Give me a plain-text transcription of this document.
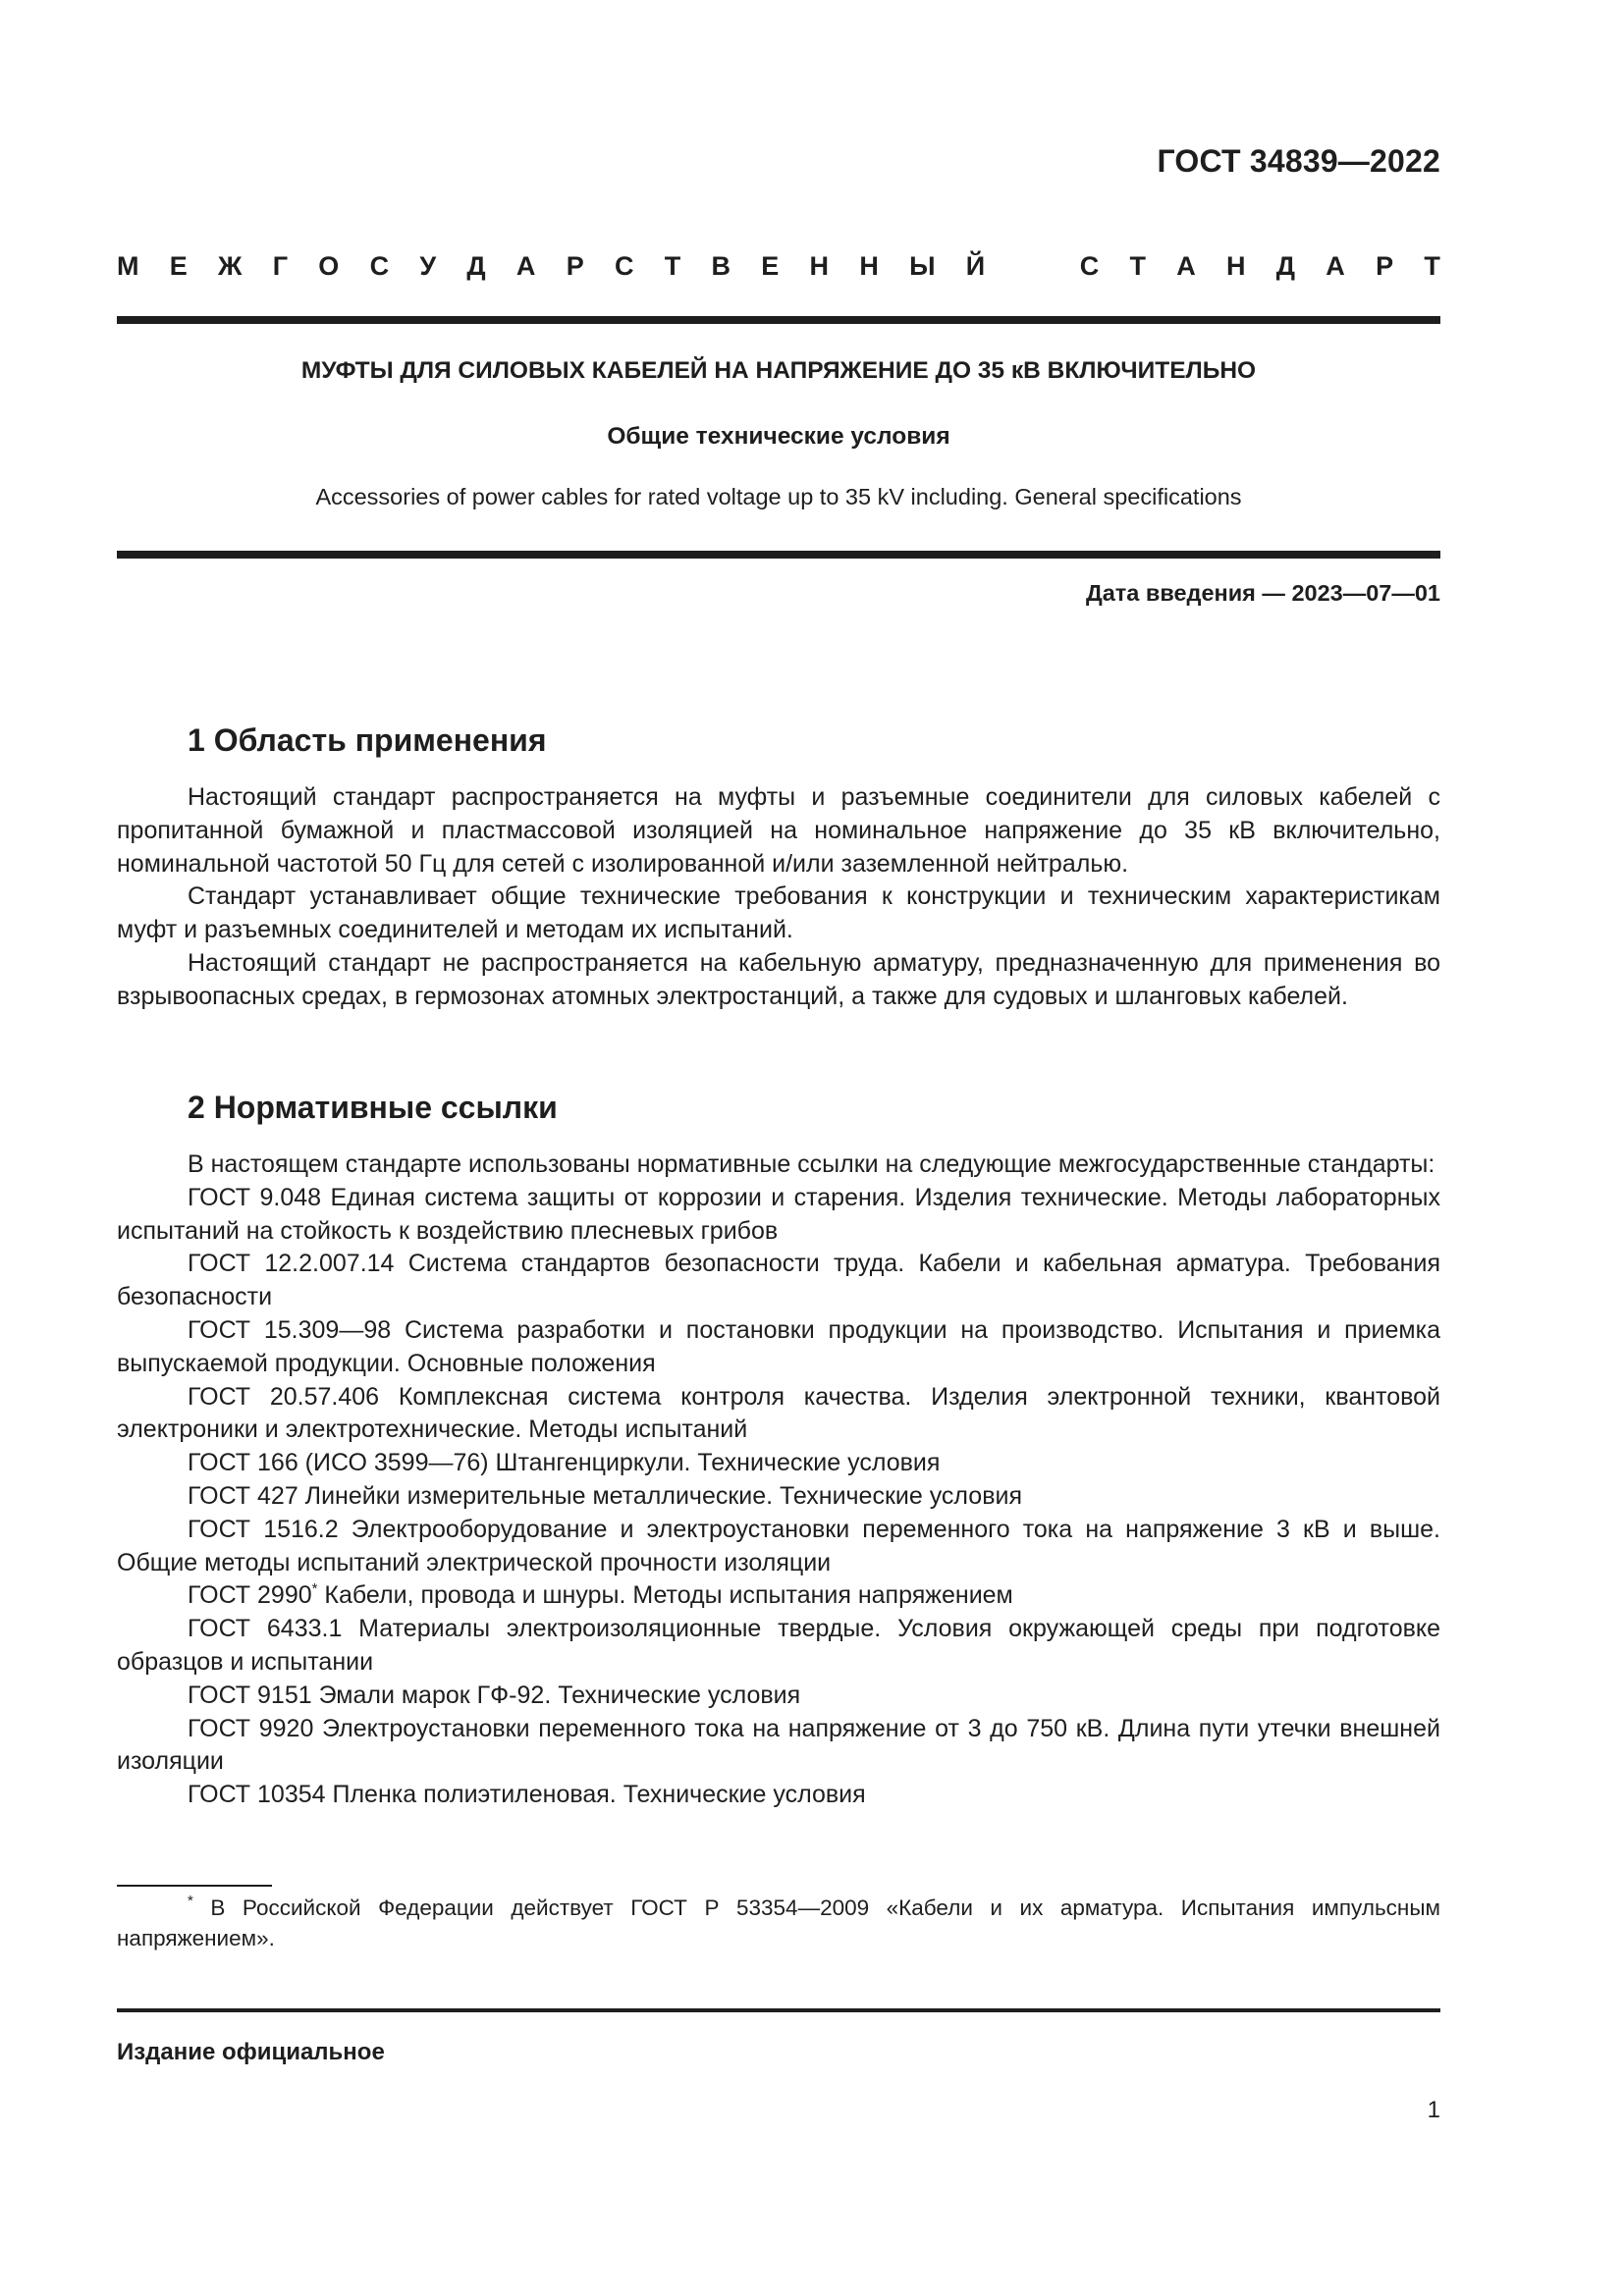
ГОСТ 34839—2022
М Е Ж Г О С У Д А Р С Т В Е Н Н Ы Й	С Т А Н Д А Р Т
МУФТЫ ДЛЯ СИЛОВЫХ КАБЕЛЕЙ НА НАПРЯЖЕНИЕ ДО 35 кВ ВКЛЮЧИТЕЛЬНО
Общие технические условия
Accessories of power cables for rated voltage up to 35 kV including. General specifications
Дата введения — 2023—07—01
1 Область применения

Настоящий стандарт распространяется на муфты и разъемные соединители для силовых кабелей с пропитанной бумажной и пластмассовой изоляцией на номинальное напряжение до 35 кВ включительно, номинальной частотой 50 Гц для сетей с изолированной и/или заземленной нейтралью.

Стандарт устанавливает общие технические требования к конструкции и техническим характеристикам муфт и разъемных соединителей и методам их испытаний.

Настоящий стандарт не распространяется на кабельную арматуру, предназначенную для применения во взрывоопасных средах, в гермозонах атомных электростанций, а также для судовых и шланговых кабелей.

2 Нормативные ссылки

В настоящем стандарте использованы нормативные ссылки на следующие межгосударственные стандарты:

ГОСТ 9.048 Единая система защиты от коррозии и старения. Изделия технические. Методы лабораторных испытаний на стойкость к воздействию плесневых грибов

ГОСТ 12.2.007.14 Система стандартов безопасности труда. Кабели и кабельная арматура. Требования безопасности

ГОСТ 15.309—98 Система разработки и постановки продукции на производство. Испытания и приемка выпускаемой продукции. Основные положения

ГОСТ 20.57.406 Комплексная система контроля качества. Изделия электронной техники, квантовой электроники и электротехнические. Методы испытаний

ГОСТ 166 (ИСО 3599—76) Штангенциркули. Технические условия

ГОСТ 427 Линейки измерительные металлические. Технические условия

ГОСТ 1516.2 Электрооборудование и электроустановки переменного тока на напряжение 3 кВ и выше. Общие методы испытаний электрической прочности изоляции

ГОСТ 2990* Кабели, провода и шнуры. Методы испытания напряжением

ГОСТ 6433.1 Материалы электроизоляционные твердые. Условия окружающей среды при подготовке образцов и испытании

ГОСТ 9151 Эмали марок ГФ-92. Технические условия

ГОСТ 9920 Электроустановки переменного тока на напряжение от 3 до 750 кВ. Длина пути утечки внешней изоляции

ГОСТ 10354 Пленка полиэтиленовая. Технические условия

* В Российской Федерации действует ГОСТ Р 53354—2009 «Кабели и их арматура. Испытания импульсным напряжением».
Издание официальное
1
